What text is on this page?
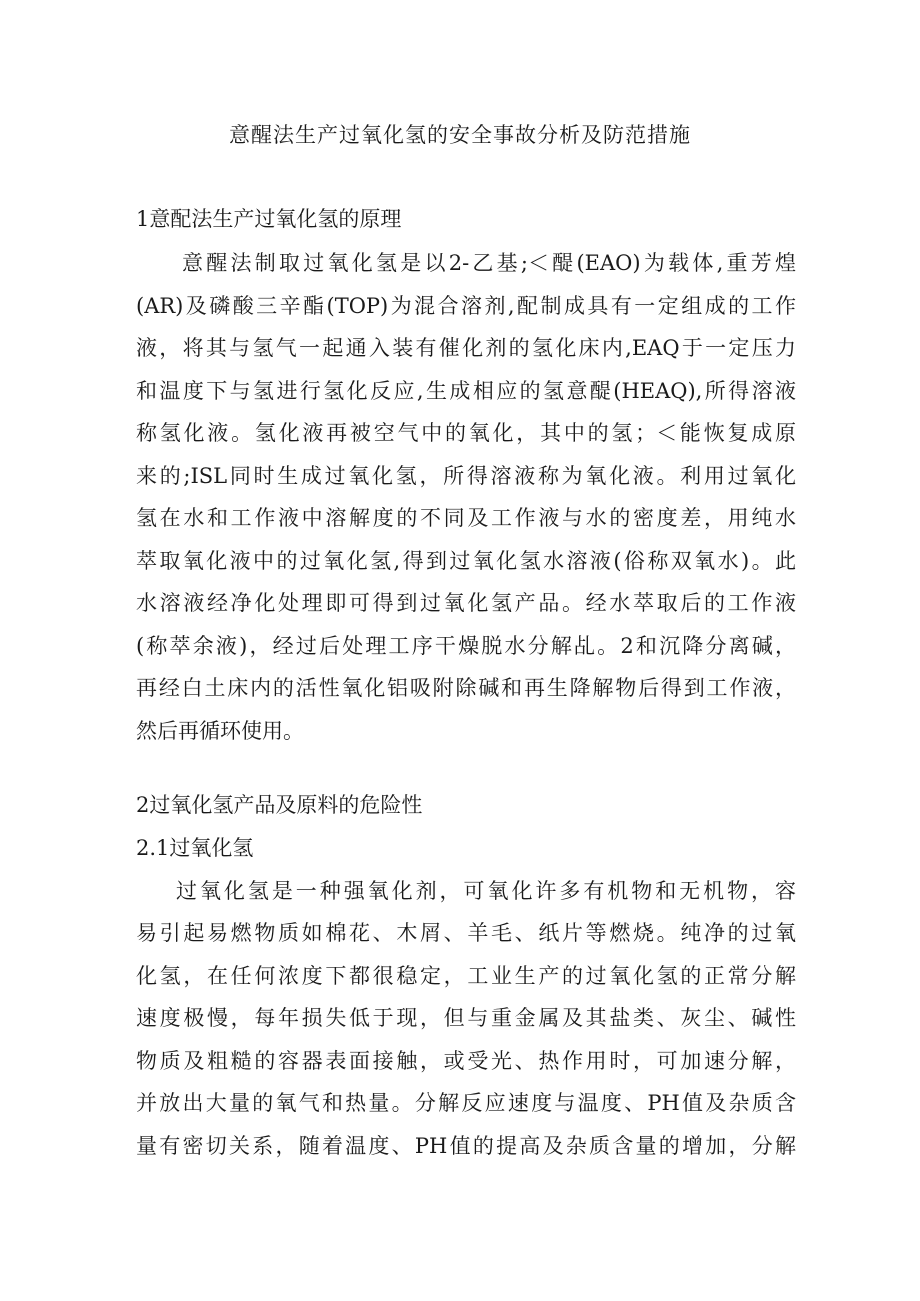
意醒法生产过氧化氢的安全事故分析及防范措施
1意配法生产过氧化氢的原理
意醒法制取过氧化氢是以2-乙基;＜醍(EAO)为载体,重芳煌
(AR)及磷酸三辛酯(TOP)为混合溶剂,配制成具有一定组成的工作
液，将其与氢气一起通入装有催化剂的氢化床内,EAQ于一定压力
和温度下与氢进行氢化反应,生成相应的氢意醍(HEAQ),所得溶液
称氢化液。氢化液再被空气中的氧化，其中的氢；＜能恢复成原
来的;ISL同时生成过氧化氢，所得溶液称为氧化液。利用过氧化
氢在水和工作液中溶解度的不同及工作液与水的密度差，用纯水
萃取氧化液中的过氧化氢,得到过氧化氢水溶液(俗称双氧水)。此
水溶液经净化处理即可得到过氧化氢产品。经水萃取后的工作液
(称萃余液)，经过后处理工序干燥脱水分解乩。2和沉降分离碱，
再经白土床内的活性氧化铝吸附除碱和再生降解物后得到工作液，
然后再循环使用。
2过氧化氢产品及原料的危险性
2.1过氧化氢
过氧化氢是一种强氧化剂，可氧化许多有机物和无机物，容
易引起易燃物质如棉花、木屑、羊毛、纸片等燃烧。纯净的过氧
化氢，在任何浓度下都很稳定，工业生产的过氧化氢的正常分解
速度极慢，每年损失低于现，但与重金属及其盐类、灰尘、碱性
物质及粗糙的容器表面接触，或受光、热作用时，可加速分解，
并放出大量的氧气和热量。分解反应速度与温度、PH值及杂质含
量有密切关系，随着温度、PH值的提高及杂质含量的增加，分解
